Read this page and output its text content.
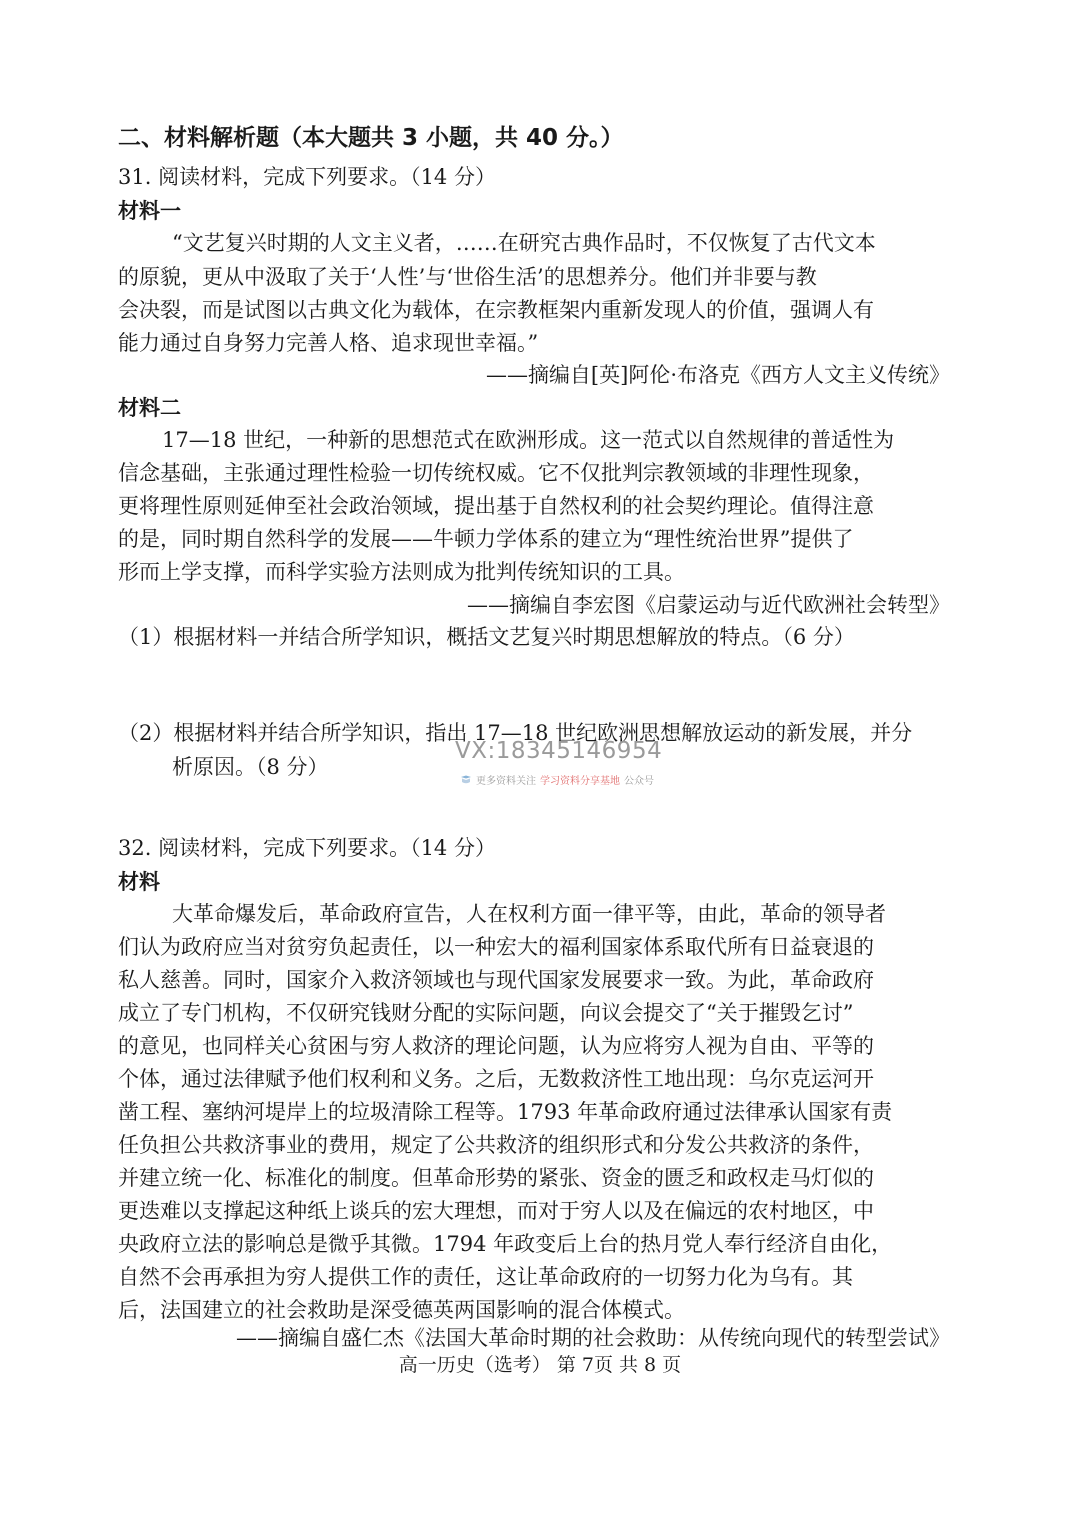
二、材料解析题（本大题共 3 小题，共 40 分。）
31. 阅读材料，完成下列要求。（14 分）
材料一
“文艺复兴时期的人文主义者，……在研究古典作品时，不仅恢复了古代文本
的原貌，更从中汲取了关于‘人性’与‘世俗生活’的思想养分。他们并非要与教
会决裂，而是试图以古典文化为载体，在宗教框架内重新发现人的价值，强调人有
能力通过自身努力完善人格、追求现世幸福。”
——摘编自[英]阿伦·布洛克《西方人文主义传统》
材料二
17—18 世纪，一种新的思想范式在欧洲形成。这一范式以自然规律的普适性为
信念基础，主张通过理性检验一切传统权威。它不仅批判宗教领域的非理性现象，
更将理性原则延伸至社会政治领域，提出基于自然权利的社会契约理论。值得注意
的是，同时期自然科学的发展——牛顿力学体系的建立为“理性统治世界”提供了
形而上学支撑，而科学实验方法则成为批判传统知识的工具。
——摘编自李宏图《启蒙运动与近代欧洲社会转型》
（1）根据材料一并结合所学知识，概括文艺复兴时期思想解放的特点。（6 分）
（2）根据材料并结合所学知识，指出 17—18 世纪欧洲思想解放运动的新发展，并分
析原因。（8 分）
VX:18345146954
更多资料关注 学习资料分享基地 公众号
32. 阅读材料，完成下列要求。（14 分）
材料
大革命爆发后，革命政府宣告，人在权利方面一律平等，由此，革命的领导者
们认为政府应当对贫穷负起责任，以一种宏大的福利国家体系取代所有日益衰退的
私人慈善。同时，国家介入救济领域也与现代国家发展要求一致。为此，革命政府
成立了专门机构，不仅研究钱财分配的实际问题，向议会提交了“关于摧毁乞讨”
的意见，也同样关心贫困与穷人救济的理论问题，认为应将穷人视为自由、平等的
个体，通过法律赋予他们权利和义务。之后，无数救济性工地出现：乌尔克运河开
凿工程、塞纳河堤岸上的垃圾清除工程等。1793 年革命政府通过法律承认国家有责
任负担公共救济事业的费用，规定了公共救济的组织形式和分发公共救济的条件，
并建立统一化、标准化的制度。但革命形势的紧张、资金的匮乏和政权走马灯似的
更迭难以支撑起这种纸上谈兵的宏大理想，而对于穷人以及在偏远的农村地区，中
央政府立法的影响总是微乎其微。1794 年政变后上台的热月党人奉行经济自由化，
自然不会再承担为穷人提供工作的责任，这让革命政府的一切努力化为乌有。其
后，法国建立的社会救助是深受德英两国影响的混合体模式。
——摘编自盛仁杰《法国大革命时期的社会救助：从传统向现代的转型尝试》
高一历史（选考） 第 7页 共 8 页
